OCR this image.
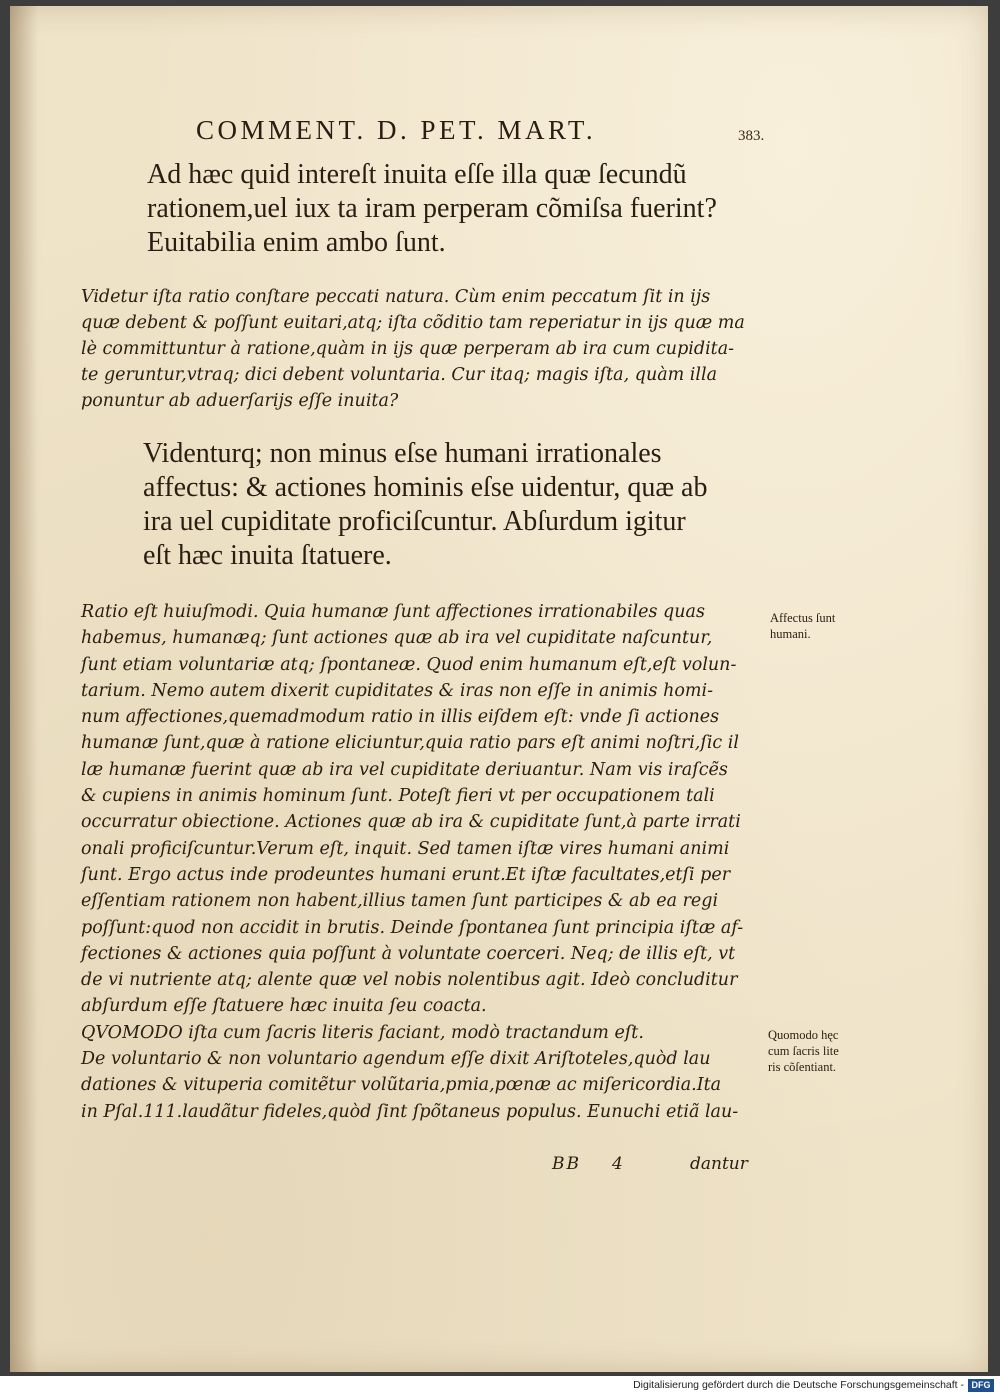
COMMENT. D. PET. MART.	383.
Ad hæc quid intereſt inuita eſſe illa quæ ſecundũ
rationem,uel iux ta iram perperam cõmiſsa fuerint?
Euitabilia enim ambo ſunt.
Videtur iſta ratio conſtare peccati natura. Cùm enim peccatum ſit in ijs
quæ debent & poſſunt euitari,atq; iſta cõditio tam reperiatur in ijs quæ ma
lè committuntur à ratione,quàm in ijs quæ perperam ab ira cum cupidita-
te geruntur,vtraq; dici debent voluntaria. Cur itaq; magis iſta, quàm illa
ponuntur ab aduerſarijs eſſe inuita?
Videnturq; non minus eſse humani irrationales
affectus: & actiones hominis eſse uidentur, quæ ab
ira uel cupiditate proficiſcuntur. Abſurdum igitur
eſt hæc inuita ſtatuere.
Ratio eſt huiuſmodi. Quia humanæ ſunt affectiones irrationabiles quas
habemus, humanæq; ſunt actiones quæ ab ira vel cupiditate naſcuntur,
ſunt etiam voluntariæ atq; ſpontaneæ. Quod enim humanum eſt,eſt volun-
tarium. Nemo autem dixerit cupiditates & iras non eſſe in animis homi-
num affectiones,quemadmodum ratio in illis eiſdem eſt: vnde ſi actiones
humanæ ſunt,quæ à ratione eliciuntur,quia ratio pars eſt animi noſtri,ſic il
læ humanæ fuerint quæ ab ira vel cupiditate deriuantur. Nam vis iraſcẽs
& cupiens in animis hominum ſunt. Poteſt fieri vt per occupationem tali
occurratur obiectione. Actiones quæ ab ira & cupiditate ſunt,à parte irrati
onali proficiſcuntur.Verum eſt, inquit. Sed tamen iſtæ vires humani animi
ſunt. Ergo actus inde prodeuntes humani erunt.Et iſtæ facultates,etſi per
eſſentiam rationem non habent,illius tamen ſunt participes & ab ea regi
poſſunt:quod non accidit in brutis. Deinde ſpontanea ſunt principia iſtæ af-
fectiones & actiones quia poſſunt à voluntate coerceri. Neq; de illis eſt, vt
de vi nutriente atq; alente quæ vel nobis nolentibus agit. Ideò concluditur
abſurdum eſſe ſtatuere hæc inuita ſeu coacta.
QVOMODO iſta cum ſacris literis faciant, modò tractandum eſt.
De voluntario & non voluntario agendum eſſe dixit Ariſtoteles,quòd lau
dationes & vituperia comitẽtur volũtaria,pmia,pœnæ ac miſericordia.Ita
in Pſal.111.laudãtur fideles,quòd ſint ſpõtaneus populus. Eunuchi etiã lau-
Affectus ſunt
humani.
Quomodo hęc
cum ſacris lite
ris cõſentiant.
BB 4	dantur
Digitalisierung gefördert durch die Deutsche Forschungsgemeinschaft - DFG
